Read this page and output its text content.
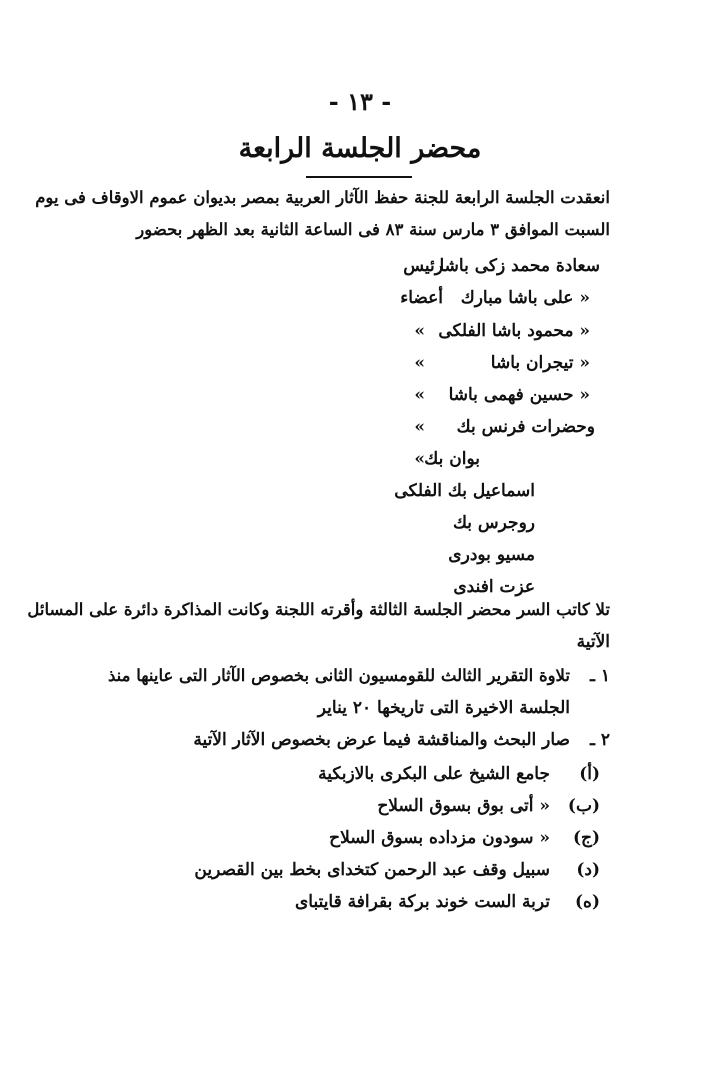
- ١٣ -
محضر الجلسة الرابعة
انعقدت الجلسة الرابعة للجنة حفظ الآثار العربية بمصر بديوان عموم الاوقاف فى يوم
السبت الموافق ٣ مارس سنة ٨٣ فى الساعة الثانية بعد الظهر بحضور
سعادة محمد زكى باشا
رئيس
« على باشا مبارك
أعضاء
« محمود باشا الفلكى
»
« تيجران باشا
»
« حسين فهمى باشا
»
وحضرات فرنس بك
»
بوان بك
»
اسماعيل بك الفلكى
روجرس بك
مسيو بودرى
عزت افندى
تلا كاتب السر محضر الجلسة الثالثة وأقرته اللجنة وكانت المذاكرة دائرة على المسائل
الآتية
١ ـ
تلاوة التقرير الثالث للقومسيون الثانى بخصوص الآثار التى عاينها منذ
الجلسة الاخيرة التى تاريخها ٢٠ يناير
٢ ـ
صار البحث والمناقشة فيما عرض بخصوص الآثار الآتية
(أ)
جامع الشيخ على البكرى بالازبكية
(ب)
« أتى بوق بسوق السلاح
(ج)
« سودون مزداده بسوق السلاح
(د)
سبيل وقف عبد الرحمن كتخداى بخط بين القصرين
(ه)
تربة الست خوند بركة بقرافة قايتباى
